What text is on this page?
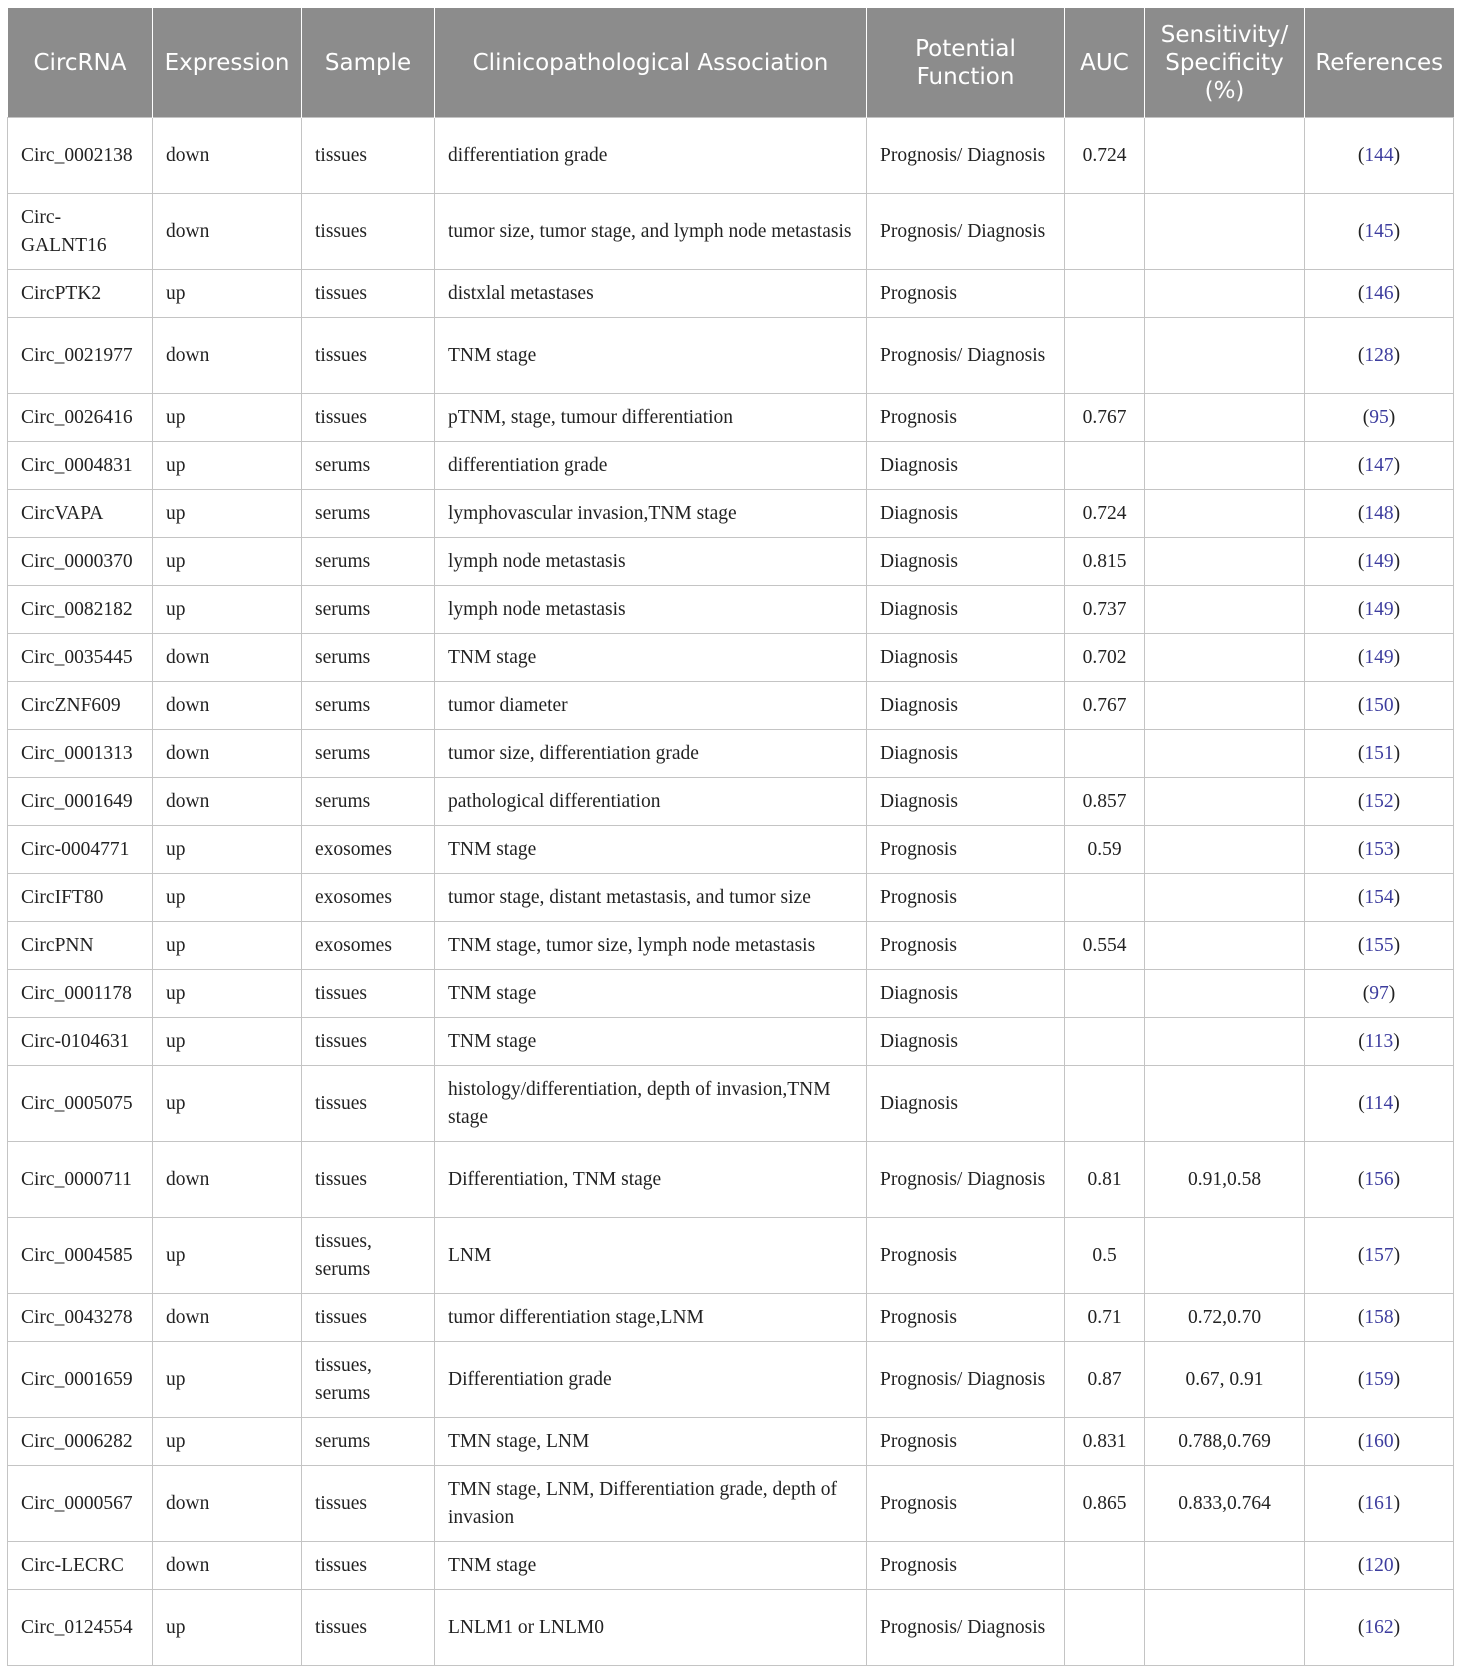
CircRNA	Expression	Sample	Clinicopathological Association	Potential Function	AUC	Sensitivity/ Specificity (%)	References
Circ_0002138	down	tissues	differentiation grade	Prognosis/ Diagnosis	0.724		(144)
Circ-GALNT16	down	tissues	tumor size, tumor stage, and lymph node metastasis	Prognosis/ Diagnosis			(145)
CircPTK2	up	tissues	distxlal metastases	Prognosis			(146)
Circ_0021977	down	tissues	TNM stage	Prognosis/ Diagnosis			(128)
Circ_0026416	up	tissues	pTNM, stage, tumour differentiation	Prognosis	0.767		(95)
Circ_0004831	up	serums	differentiation grade	Diagnosis			(147)
CircVAPA	up	serums	lymphovascular invasion,TNM stage	Diagnosis	0.724		(148)
Circ_0000370	up	serums	lymph node metastasis	Diagnosis	0.815		(149)
Circ_0082182	up	serums	lymph node metastasis	Diagnosis	0.737		(149)
Circ_0035445	down	serums	TNM stage	Diagnosis	0.702		(149)
CircZNF609	down	serums	tumor diameter	Diagnosis	0.767		(150)
Circ_0001313	down	serums	tumor size, differentiation grade	Diagnosis			(151)
Circ_0001649	down	serums	pathological differentiation	Diagnosis	0.857		(152)
Circ-0004771	up	exosomes	TNM stage	Prognosis	0.59		(153)
CircIFT80	up	exosomes	tumor stage, distant metastasis, and tumor size	Prognosis			(154)
CircPNN	up	exosomes	TNM stage, tumor size, lymph node metastasis	Prognosis	0.554		(155)
Circ_0001178	up	tissues	TNM stage	Diagnosis			(97)
Circ-0104631	up	tissues	TNM stage	Diagnosis			(113)
Circ_0005075	up	tissues	histology/differentiation, depth of invasion,TNM stage	Diagnosis			(114)
Circ_0000711	down	tissues	Differentiation, TNM stage	Prognosis/ Diagnosis	0.81	0.91,0.58	(156)
Circ_0004585	up	tissues, serums	LNM	Prognosis	0.5		(157)
Circ_0043278	down	tissues	tumor differentiation stage,LNM	Prognosis	0.71	0.72,0.70	(158)
Circ_0001659	up	tissues, serums	Differentiation grade	Prognosis/ Diagnosis	0.87	0.67, 0.91	(159)
Circ_0006282	up	serums	TMN stage, LNM	Prognosis	0.831	0.788,0.769	(160)
Circ_0000567	down	tissues	TMN stage, LNM, Differentiation grade, depth of invasion	Prognosis	0.865	0.833,0.764	(161)
Circ-LECRC	down	tissues	TNM stage	Prognosis			(120)
Circ_0124554	up	tissues	LNLM1 or LNLM0	Prognosis/ Diagnosis			(162)
